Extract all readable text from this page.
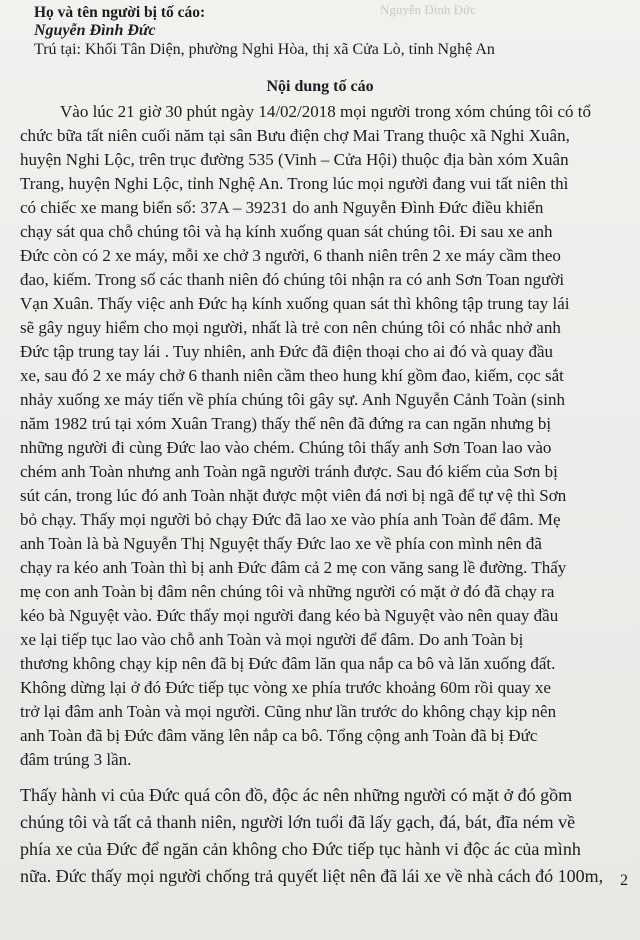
Nguyễn Đình Đức
Họ và tên người bị tố cáo:
Nguyễn Đình Đức
Trú tại: Khối Tân Diện, phường Nghi Hòa, thị xã Cửa Lò, tỉnh Nghệ An
Nội dung tố cáo
Vào lúc 21 giờ 30 phút ngày 14/02/2018 mọi người trong xóm chúng tôi có tổ
chức bữa tất niên cuối năm tại sân Bưu điện chợ Mai Trang thuộc xã Nghi Xuân,
huyện Nghi Lộc, trên trục đường 535 (Vinh – Cửa Hội) thuộc địa bàn xóm Xuân
Trang, huyện Nghi Lộc, tỉnh Nghệ An. Trong lúc mọi người đang vui tất niên thì
có chiếc xe mang biển số: 37A – 39231 do anh Nguyễn Đình Đức điều khiển
chạy sát qua chỗ chúng tôi và hạ kính xuống quan sát chúng tôi. Đi sau xe anh
Đức còn có 2 xe máy, mỗi xe chở 3 người, 6 thanh niên trên 2 xe máy cầm theo
đao, kiếm. Trong số các thanh niên đó chúng tôi nhận ra có anh Sơn Toan người
Vạn Xuân. Thấy việc anh Đức hạ kính xuống quan sát thì không tập trung tay lái
sẽ gây nguy hiểm cho mọi người, nhất là trẻ con nên chúng tôi có nhắc nhở anh
Đức tập trung tay lái . Tuy nhiên, anh Đức đã điện thoại cho ai đó và quay đầu
xe, sau đó 2 xe máy chở 6 thanh niên cầm theo hung khí gồm đao, kiếm, cọc sắt
nhảy xuống xe máy tiến về phía chúng tôi gây sự. Anh Nguyễn Cảnh Toàn (sinh
năm 1982 trú tại xóm Xuân Trang) thấy thế nên đã đứng ra can ngăn nhưng bị
những người đi cùng Đức lao vào chém. Chúng tôi thấy anh Sơn Toan lao vào
chém anh Toàn nhưng anh Toàn ngã người tránh được. Sau đó kiếm của Sơn bị
sút cán, trong lúc đó anh Toàn nhặt được một viên đá nơi bị ngã để tự vệ thì Sơn
bỏ chạy. Thấy mọi người bỏ chạy Đức đã lao xe vào phía anh Toàn để đâm. Mẹ
anh Toàn là bà Nguyễn Thị Nguyệt thấy Đức lao xe về phía con mình nên đã
chạy ra kéo anh Toàn thì bị anh Đức đâm cả 2 mẹ con văng sang lề đường. Thấy
mẹ con anh Toàn bị đâm nên chúng tôi và những người có mặt ở đó đã chạy ra
kéo bà Nguyệt vào. Đức thấy mọi người đang kéo bà Nguyệt vào nên quay đầu
xe lại tiếp tục lao vào chỗ anh Toàn và mọi người để đâm. Do anh Toàn bị
thương không chạy kịp nên đã bị Đức đâm lăn qua nắp ca bô và lăn xuống đất.
Không dừng lại ở đó Đức tiếp tục vòng xe phía trước khoảng 60m rồi quay xe
trở lại đâm anh Toàn và mọi người. Cũng như lần trước do không chạy kịp nên
anh Toàn đã bị Đức đâm văng lên nắp ca bô. Tổng cộng anh Toàn đã bị Đức
đâm trúng 3 lần.
Thấy hành vi của Đức quá côn đồ, độc ác nên những người có mặt ở đó gồm
chúng tôi và tất cả thanh niên, người lớn tuổi đã lấy gạch, đá, bát, đĩa ném về
phía xe của Đức để ngăn cản không cho Đức tiếp tục hành vi độc ác của mình
nữa. Đức thấy mọi người chống trả quyết liệt nên đã lái xe về nhà cách đó 100m,	2
